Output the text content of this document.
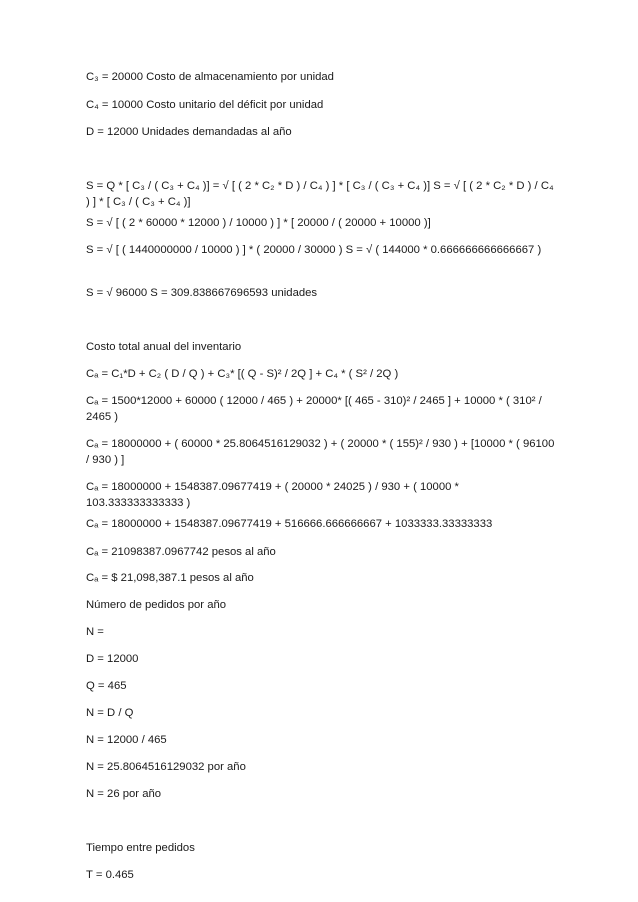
C₃ = 20000 Costo de almacenamiento por unidad
C₄ = 10000 Costo unitario del déficit por unidad
D = 12000 Unidades demandadas al año
S = Q * [ C₃ / ( C₃ + C₄ )] = √ [ ( 2 * C₂ * D ) / C₄ ) ] * [ C₃ / ( C₃ + C₄ )] S = √ [ ( 2 * C₂ * D ) / C₄ ) ] * [ C₃ / ( C₃ + C₄ )]
S = √ [ ( 2 * 60000 * 12000 ) / 10000 ) ] * [ 20000 / ( 20000 + 10000 )]
S = √ [ ( 1440000000 / 10000 ) ] * ( 20000 / 30000 ) S = √ ( 144000 * 0.666666666666667 )
S = √ 96000 S = 309.838667696593 unidades
Costo total anual del inventario
Cₐ = C₁*D + C₂ ( D / Q ) + C₃* [( Q - S)² / 2Q ] + C₄ * ( S² / 2Q )
Cₐ = 1500*12000 + 60000 ( 12000 / 465 ) + 20000* [( 465 - 310)² / 2465 ] + 10000 * ( 310² / 2465 )
Cₐ = 18000000 + ( 60000 * 25.8064516129032 ) + ( 20000 * ( 155)² / 930 ) + [10000 * ( 96100 / 930 ) ]
Cₐ = 18000000 + 1548387.09677419 + ( 20000 * 24025 ) / 930 + ( 10000 * 103.333333333333 )
Cₐ = 18000000 + 1548387.09677419 + 516666.666666667 + 1033333.33333333
Cₐ = 21098387.0967742 pesos al año
Cₐ = $ 21,098,387.1 pesos al año
Número de pedidos por año
N =
D = 12000
Q = 465
N = D / Q
N = 12000 / 465
N = 25.8064516129032 por año
N = 26 por año
Tiempo entre pedidos
T = 0.465
